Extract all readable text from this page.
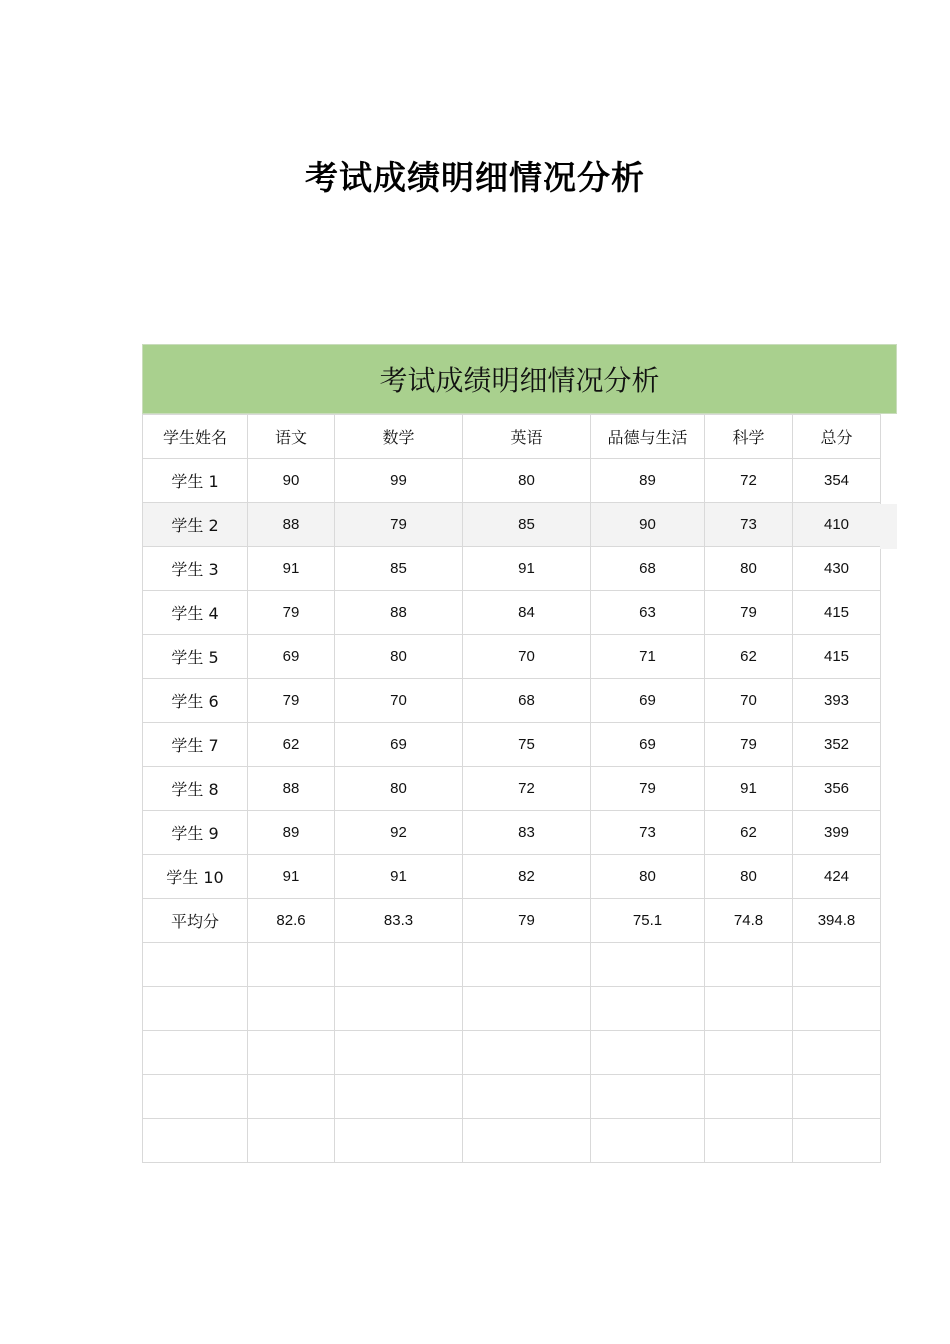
考试成绩明细情况分析
考试成绩明细情况分析
学生姓名	语文	数学	英语	品德与生活	科学	总分
学生 1	90	99	80	89	72	354
学生 2	88	79	85	90	73	410
学生 3	91	85	91	68	80	430
学生 4	79	88	84	63	79	415
学生 5	69	80	70	71	62	415
学生 6	79	70	68	69	70	393
学生 7	62	69	75	69	79	352
学生 8	88	80	72	79	91	356
学生 9	89	92	83	73	62	399
学生 10	91	91	82	80	80	424
平均分	82.6	83.3	79	75.1	74.8	394.8
